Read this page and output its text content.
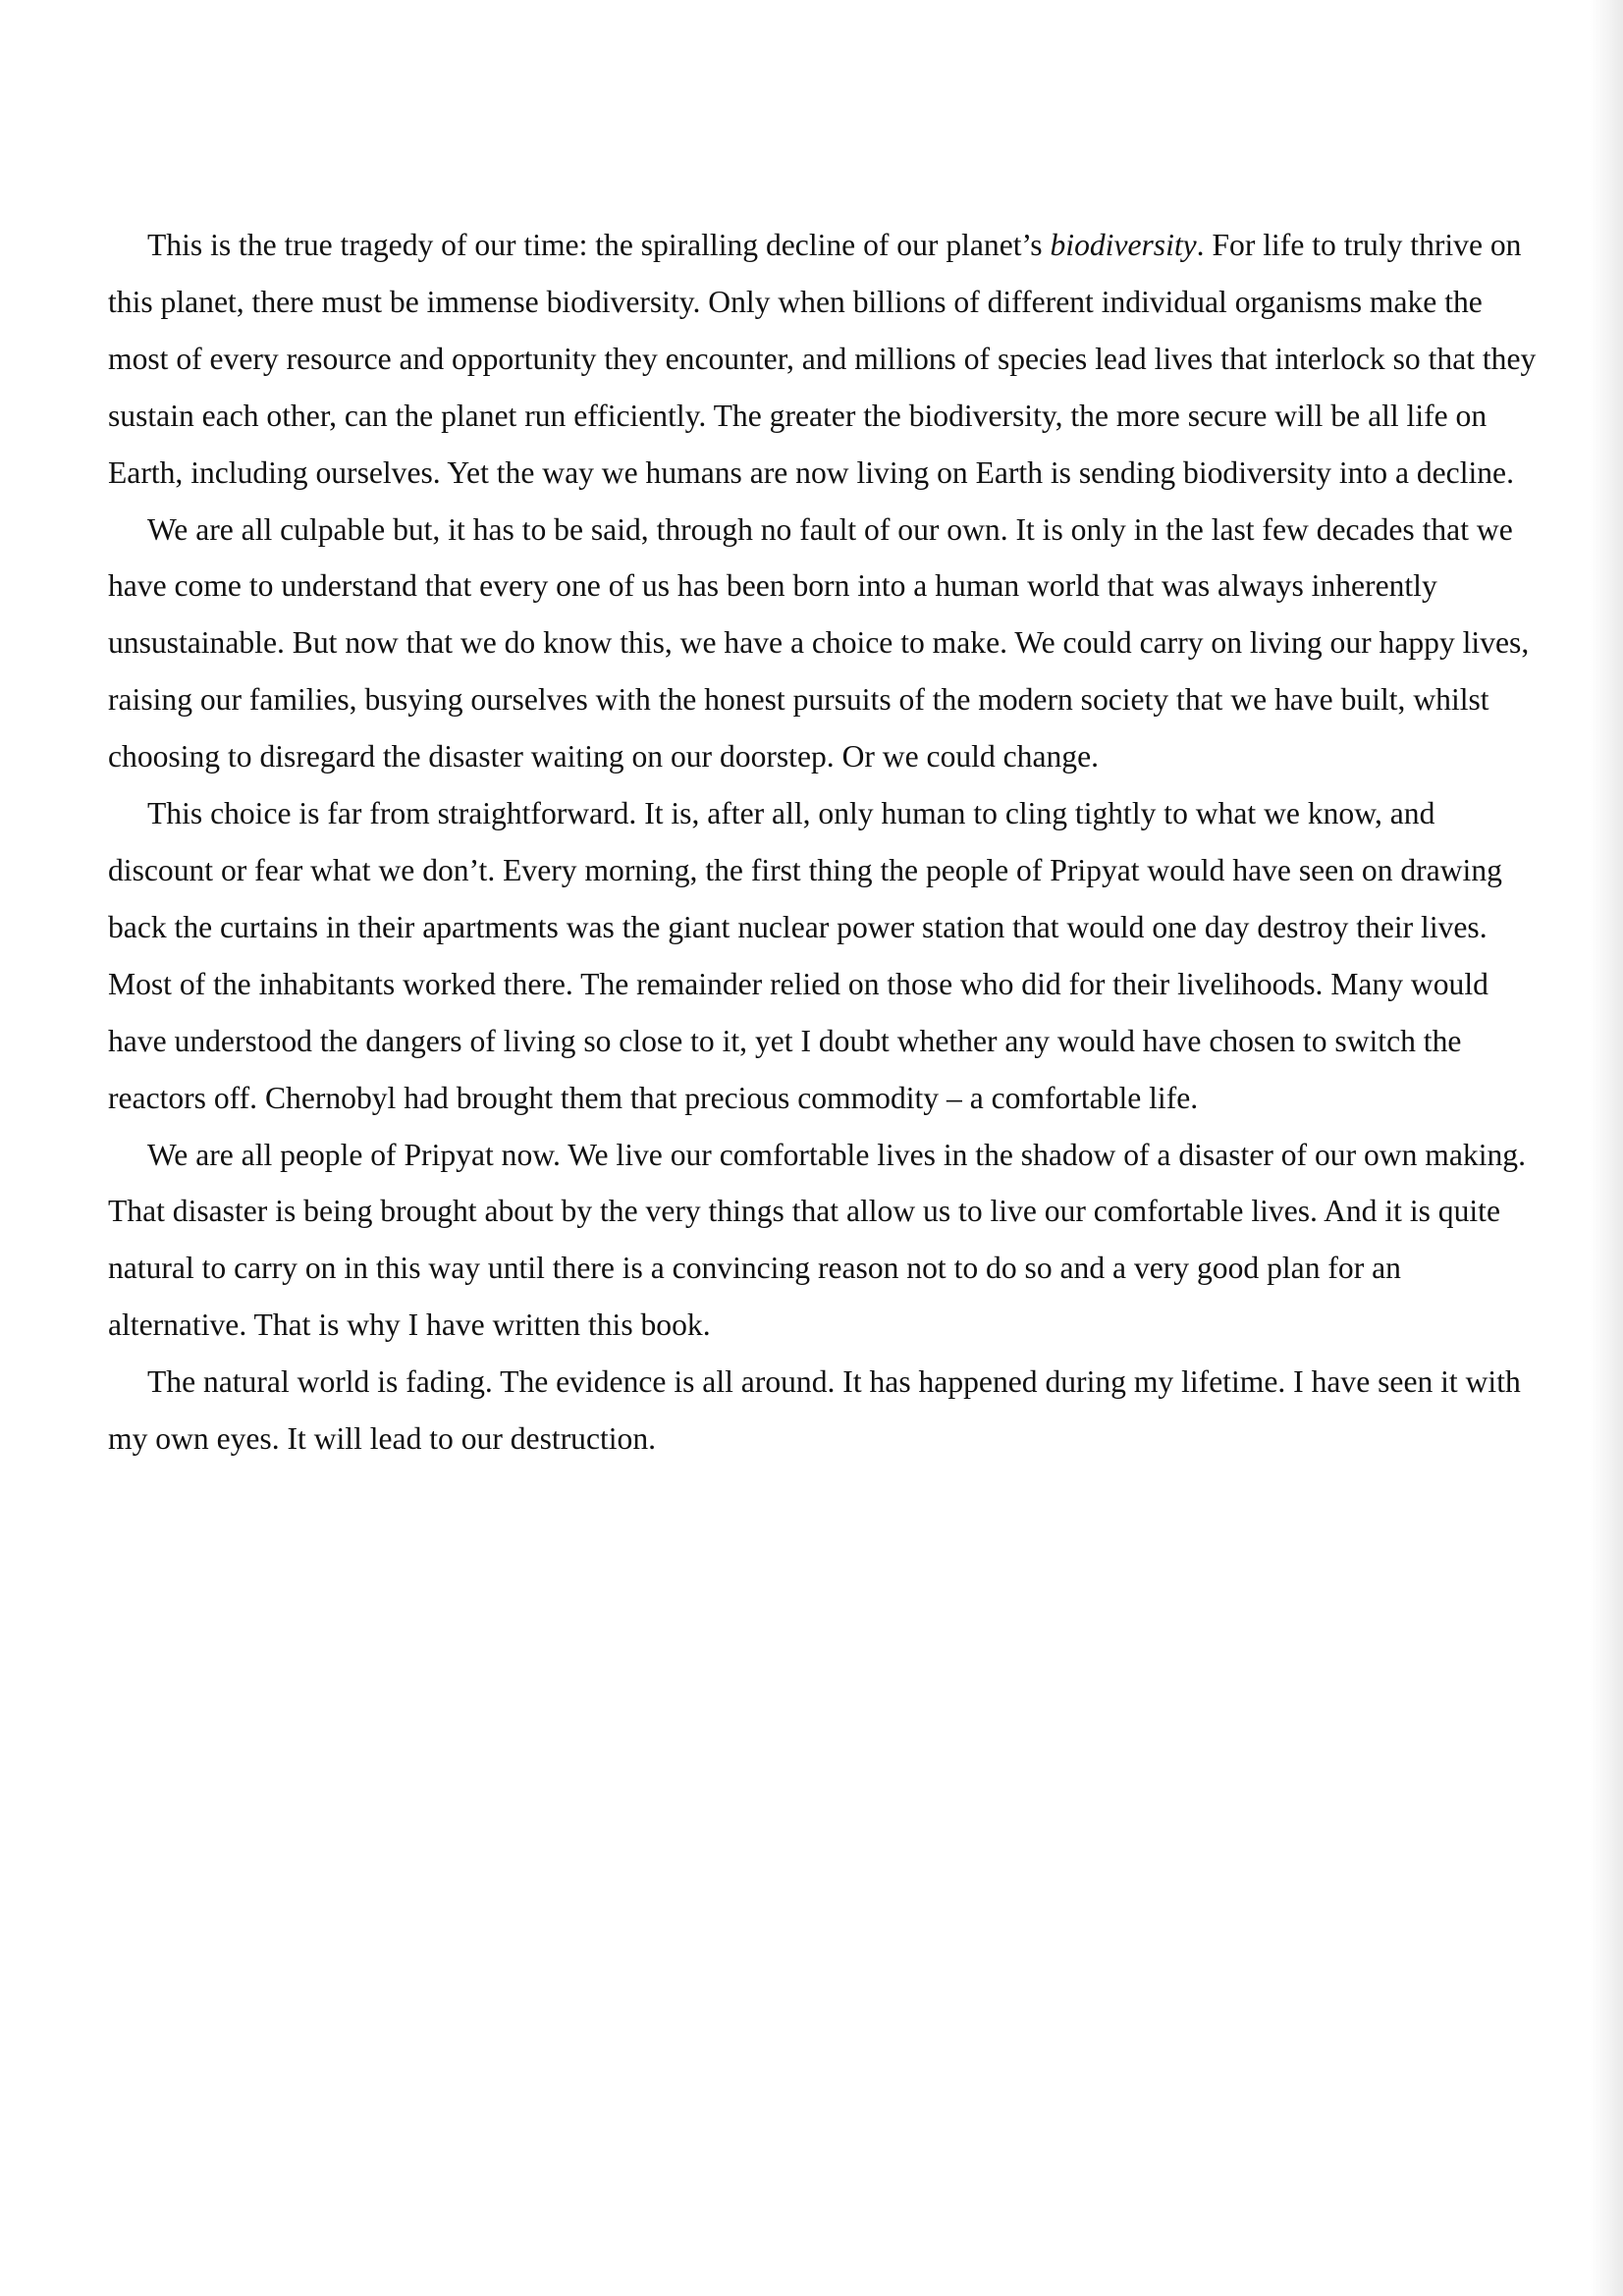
This is the true tragedy of our time: the spiralling decline of our planet’s biodiversity. For life to truly thrive on this planet, there must be immense biodiversity. Only when billions of different individual organisms make the most of every resource and opportunity they encounter, and millions of species lead lives that interlock so that they sustain each other, can the planet run efficiently. The greater the biodiversity, the more secure will be all life on Earth, including ourselves. Yet the way we humans are now living on Earth is sending biodiversity into a decline.

We are all culpable but, it has to be said, through no fault of our own. It is only in the last few decades that we have come to understand that every one of us has been born into a human world that was always inherently unsustainable. But now that we do know this, we have a choice to make. We could carry on living our happy lives, raising our families, busying ourselves with the honest pursuits of the modern society that we have built, whilst choosing to disregard the disaster waiting on our doorstep. Or we could change.

This choice is far from straightforward. It is, after all, only human to cling tightly to what we know, and discount or fear what we don’t. Every morning, the first thing the people of Pripyat would have seen on drawing back the curtains in their apartments was the giant nuclear power station that would one day destroy their lives. Most of the inhabitants worked there. The remainder relied on those who did for their livelihoods. Many would have understood the dangers of living so close to it, yet I doubt whether any would have chosen to switch the reactors off. Chernobyl had brought them that precious commodity – a comfortable life.

We are all people of Pripyat now. We live our comfortable lives in the shadow of a disaster of our own making. That disaster is being brought about by the very things that allow us to live our comfortable lives. And it is quite natural to carry on in this way until there is a convincing reason not to do so and a very good plan for an alternative. That is why I have written this book.

The natural world is fading. The evidence is all around. It has happened during my lifetime. I have seen it with my own eyes. It will lead to our destruction.
